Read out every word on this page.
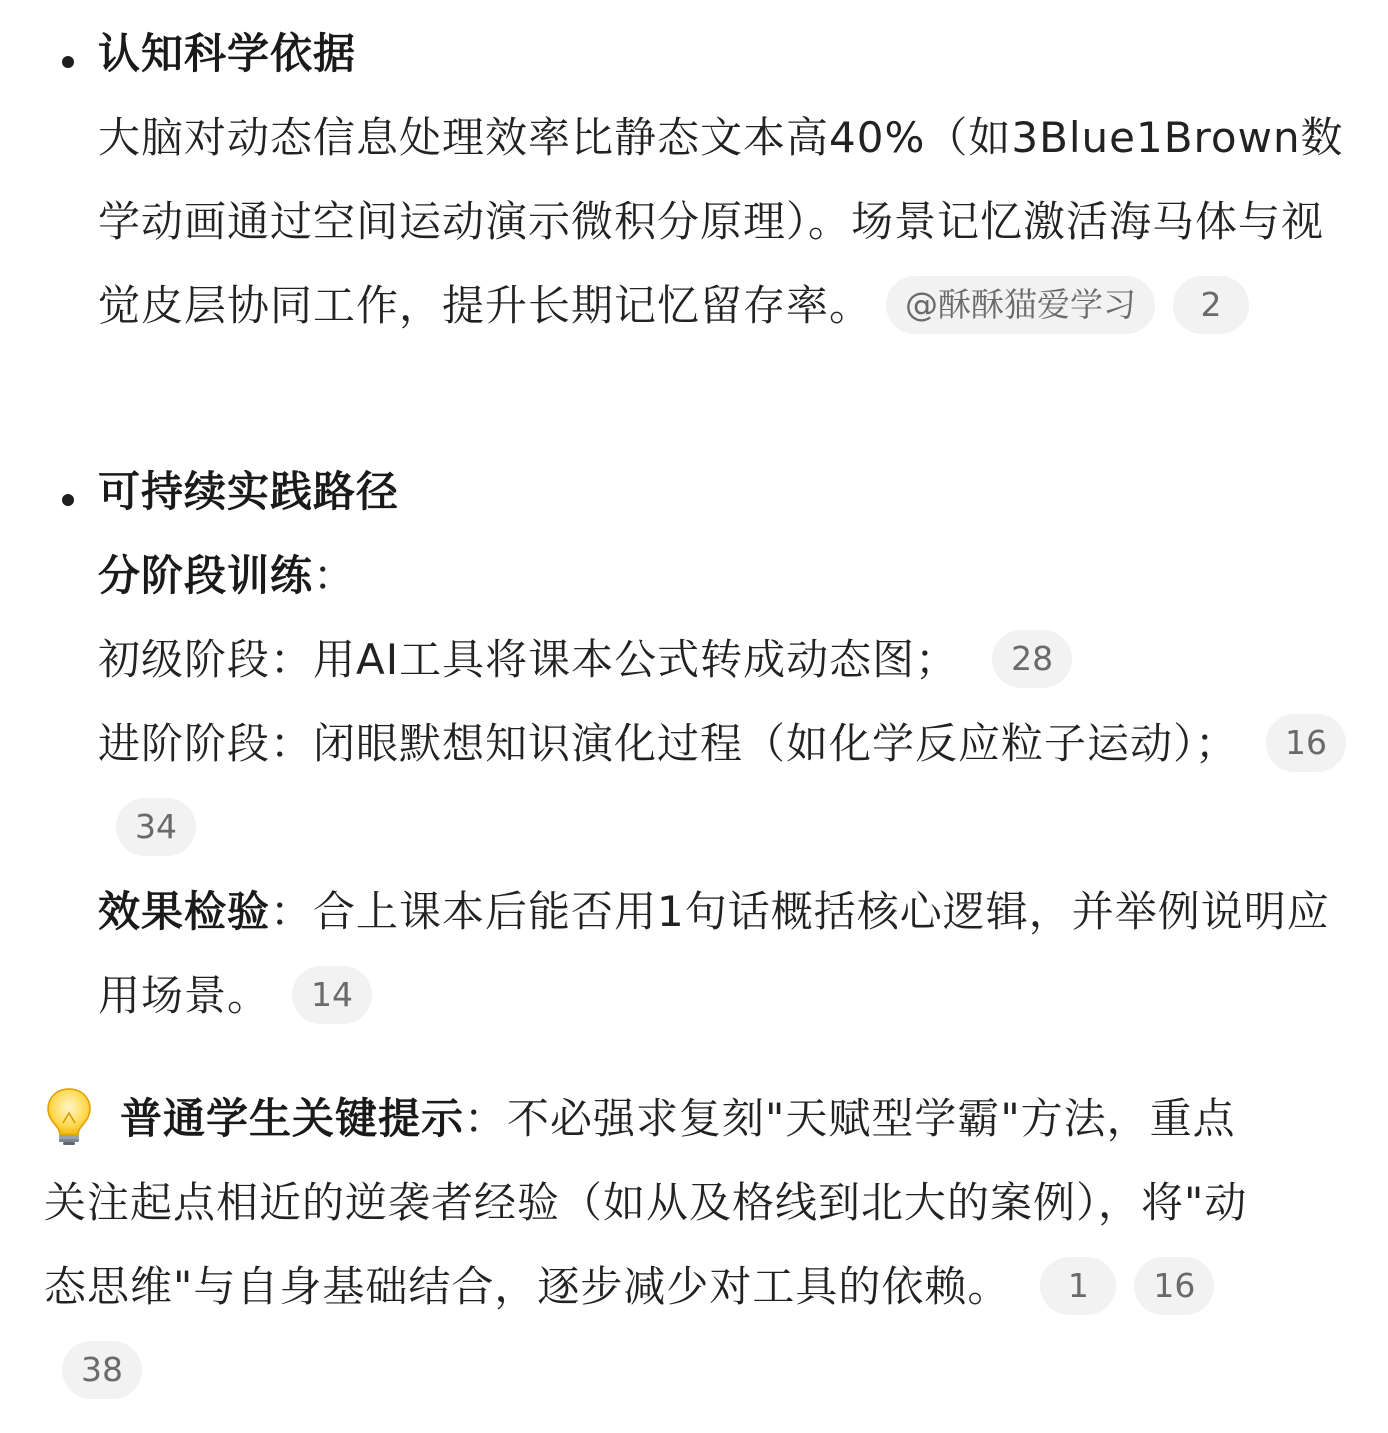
认知科学依据
大脑对动态信息处理效率比静态文本高40%（如3Blue1Brown数学动画通过空间运动演示微积分原理）。场景记忆激活海马体与视觉皮层协同工作，提升长期记忆留存率。 @酥酥猫爱学习 2
可持续实践路径
分阶段训练：
初级阶段：用AI工具将课本公式转成动态图； 28
进阶阶段：闭眼默想知识演化过程（如化学反应粒子运动）； 1634
效果检验：合上课本后能否用1句话概括核心逻辑，并举例说明应用场景。 14
普通学生关键提示：不必强求复刻"天赋型学霸"方法，重点关注起点相近的逆袭者经验（如从及格线到北大的案例），将"动态思维"与自身基础结合，逐步减少对工具的依赖。 1 1638
